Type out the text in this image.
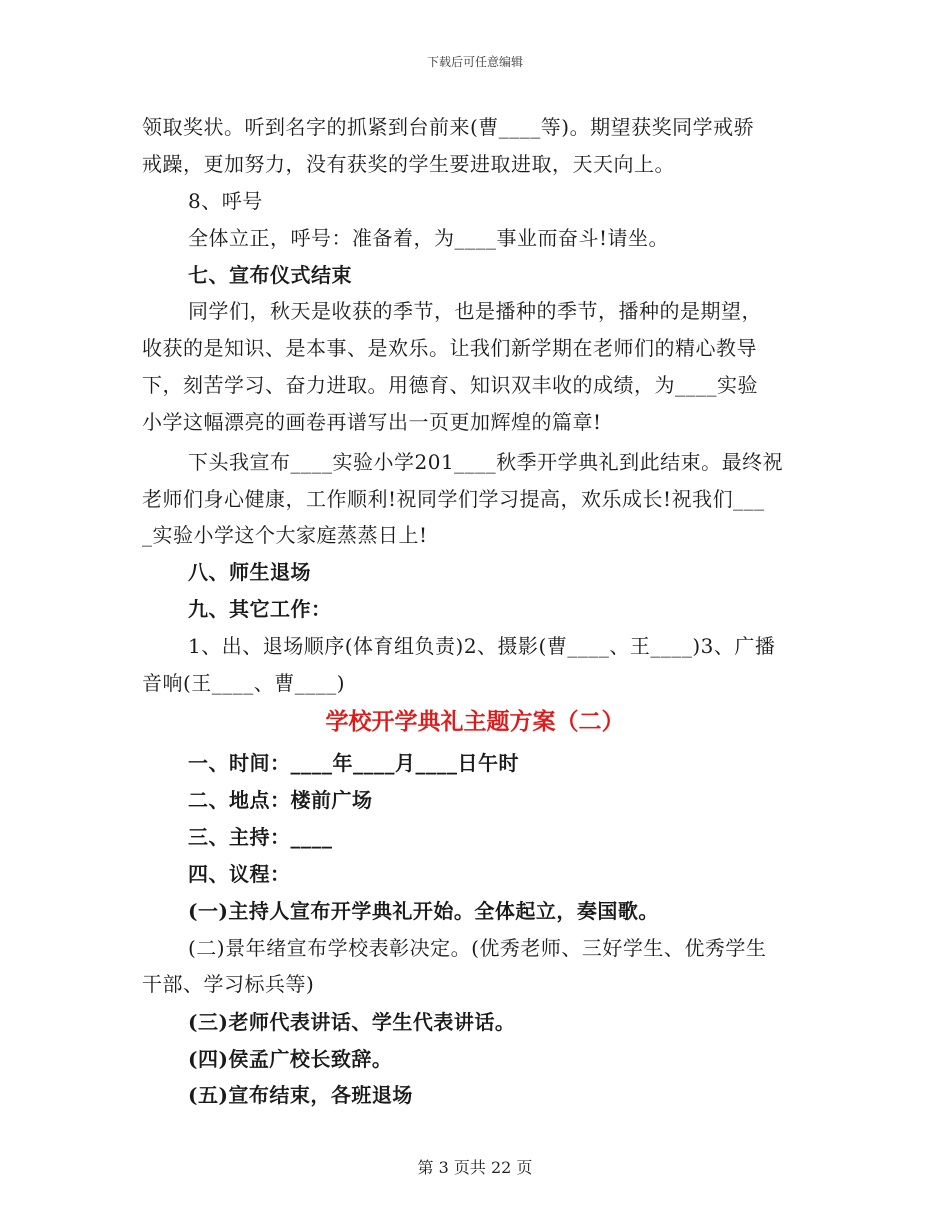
下载后可任意编辑
领取奖状。听到名字的抓紧到台前来(曹____等)。期望获奖同学戒骄
戒躁，更加努力，没有获奖的学生要进取进取，天天向上。
8、呼号
全体立正，呼号：准备着，为____事业而奋斗!请坐。
七、宣布仪式结束
同学们，秋天是收获的季节，也是播种的季节，播种的是期望，
收获的是知识、是本事、是欢乐。让我们新学期在老师们的精心教导
下，刻苦学习、奋力进取。用德育、知识双丰收的成绩，为____实验
小学这幅漂亮的画卷再谱写出一页更加辉煌的篇章!
下头我宣布____实验小学201____秋季开学典礼到此结束。最终祝
老师们身心健康，工作顺利!祝同学们学习提高，欢乐成长!祝我们___
_实验小学这个大家庭蒸蒸日上!
八、师生退场
九、其它工作：
1、出、退场顺序(体育组负责)2、摄影(曹____、王____)3、广播
音响(王____、曹____)
学校开学典礼主题方案（二）
一、时间：____年____月____日午时
二、地点：楼前广场
三、主持：____
四、议程：
(一)主持人宣布开学典礼开始。全体起立，奏国歌。
(二)景年绪宣布学校表彰决定。(优秀老师、三好学生、优秀学生
干部、学习标兵等)
(三)老师代表讲话、学生代表讲话。
(四)侯孟广校长致辞。
(五)宣布结束，各班退场
第 3 页共 22 页
